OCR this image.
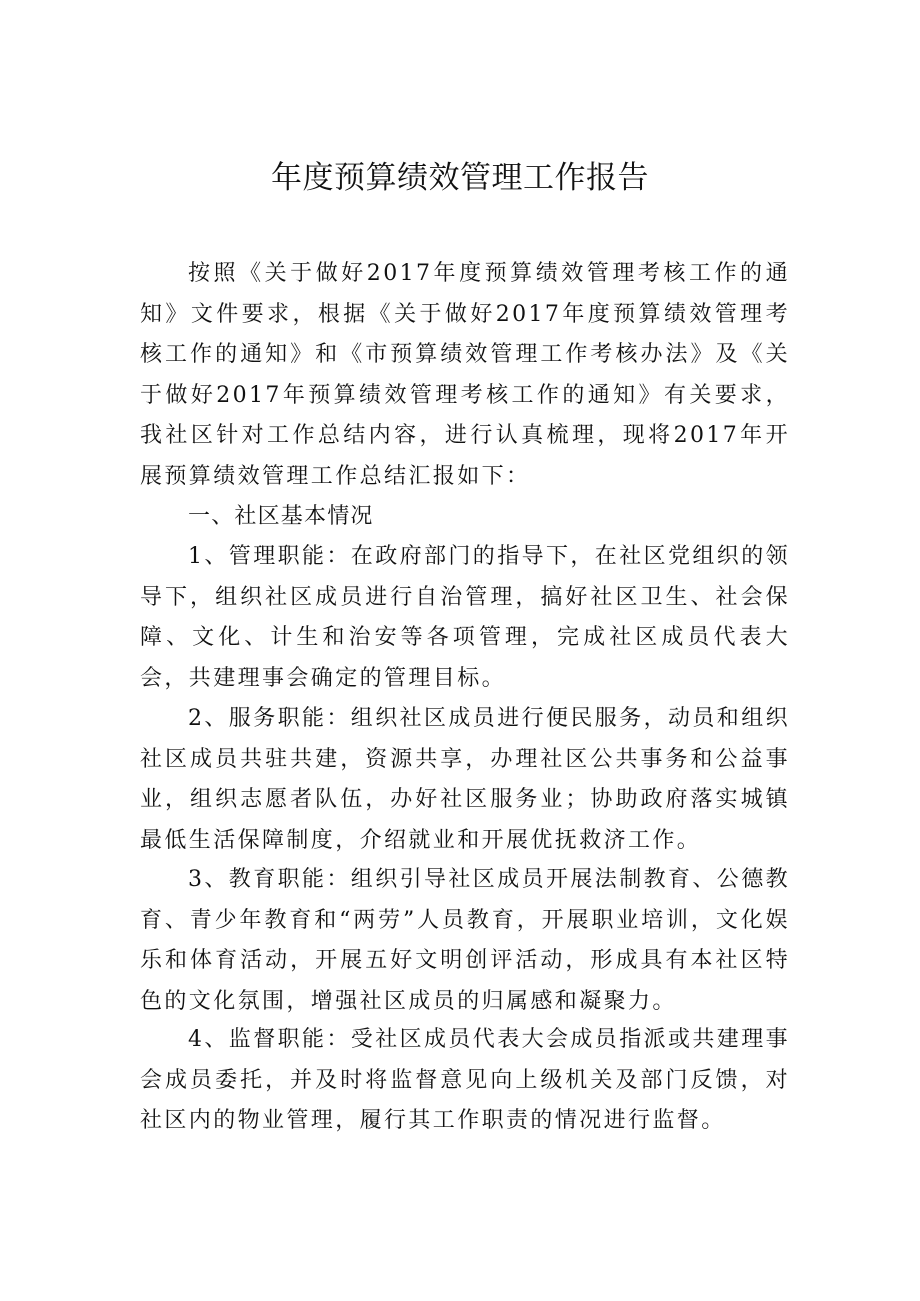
年度预算绩效管理工作报告

按照《关于做好2017年度预算绩效管理考核工作的通知》文件要求，根据《关于做好2017年度预算绩效管理考核工作的通知》和《市预算绩效管理工作考核办法》及《关于做好2017年预算绩效管理考核工作的通知》有关要求，我社区针对工作总结内容，进行认真梳理，现将2017年开展预算绩效管理工作总结汇报如下：

一、社区基本情况

1、管理职能：在政府部门的指导下，在社区党组织的领导下，组织社区成员进行自治管理，搞好社区卫生、社会保障、文化、计生和治安等各项管理，完成社区成员代表大会，共建理事会确定的管理目标。

2、服务职能：组织社区成员进行便民服务，动员和组织社区成员共驻共建，资源共享，办理社区公共事务和公益事业，组织志愿者队伍，办好社区服务业；协助政府落实城镇最低生活保障制度，介绍就业和开展优抚救济工作。

3、教育职能：组织引导社区成员开展法制教育、公德教育、青少年教育和“两劳”人员教育，开展职业培训，文化娱乐和体育活动，开展五好文明创评活动，形成具有本社区特色的文化氛围，增强社区成员的归属感和凝聚力。

4、监督职能：受社区成员代表大会成员指派或共建理事会成员委托，并及时将监督意见向上级机关及部门反馈，对社区内的物业管理，履行其工作职责的情况进行监督。
